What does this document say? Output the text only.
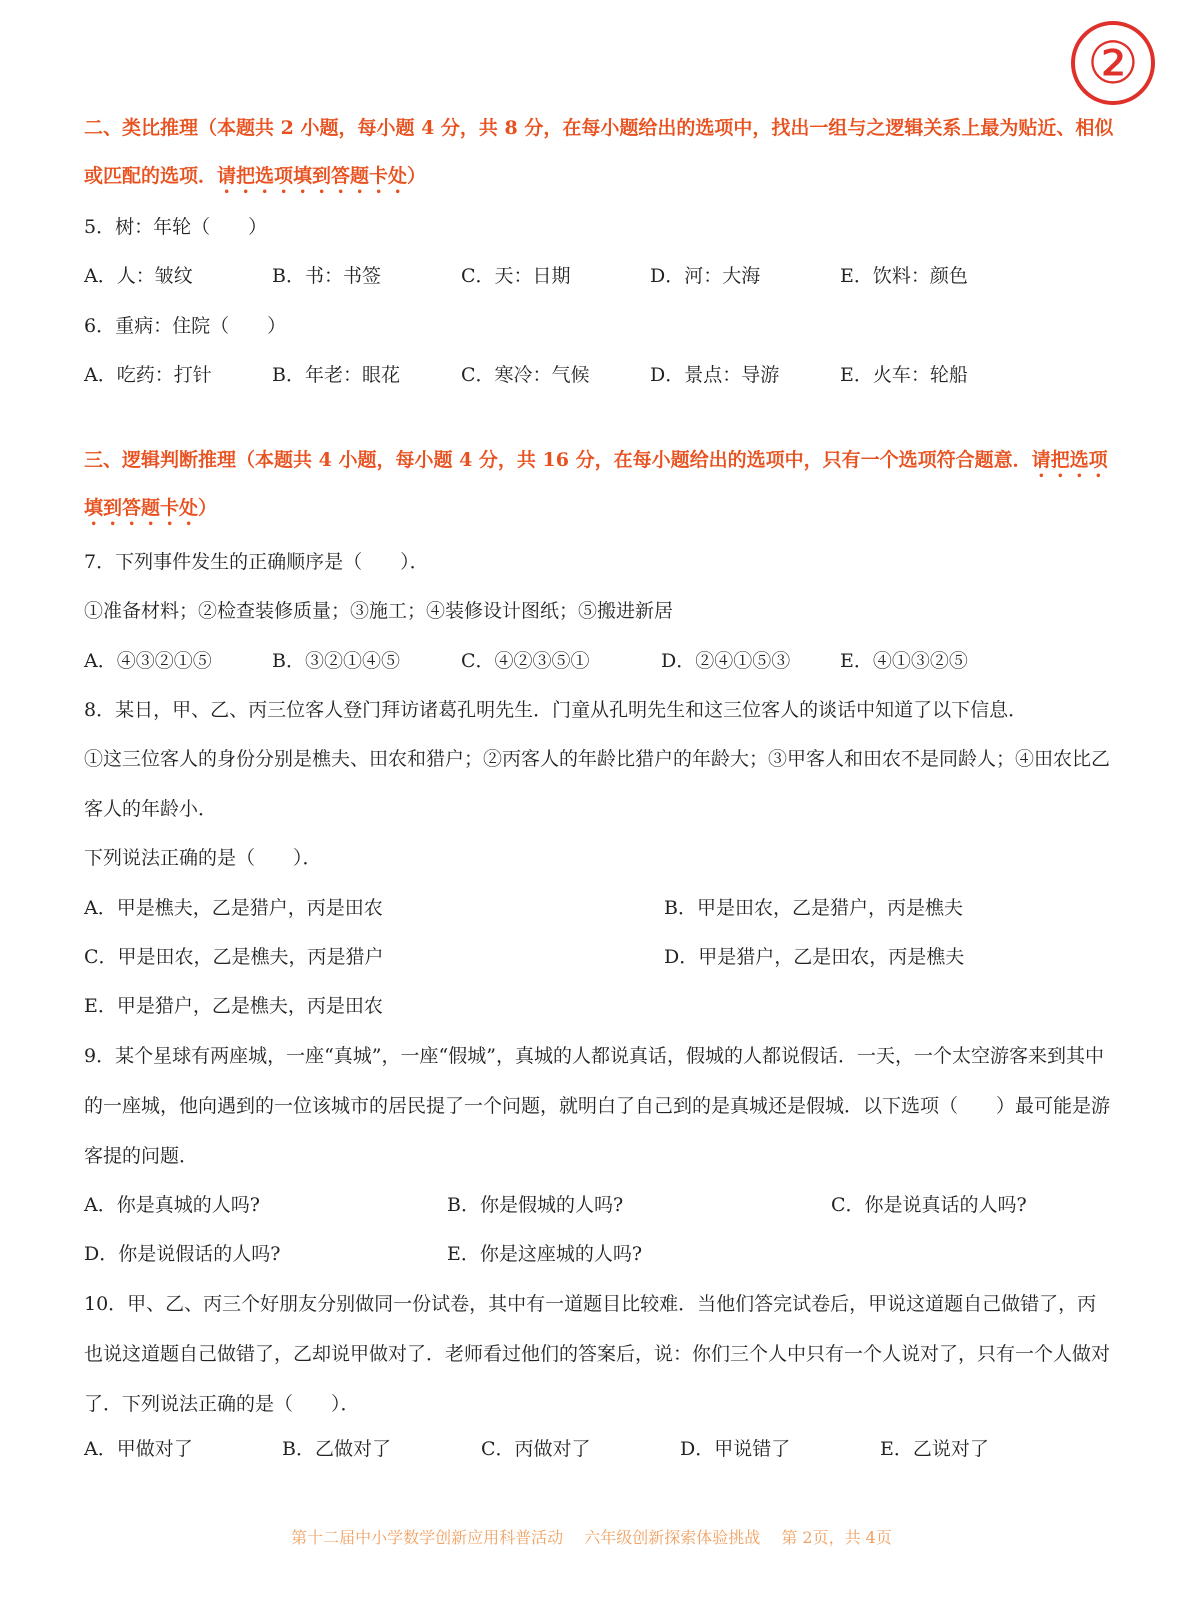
②
二、类比推理（本题共 2 小题，每小题 4 分，共 8 分，在每小题给出的选项中，找出一组与之逻辑关系上最为贴近、相似或匹配的选项．请把选项填到答题卡处）
5．树：年轮（　　）
A．人：皱纹	B．书：书签	C．天：日期	D．河：大海	E．饮料：颜色
6．重病：住院（　　）
A．吃药：打针	B．年老：眼花	C．寒冷：气候	D．景点：导游	E．火车：轮船
三、逻辑判断推理（本题共 4 小题，每小题 4 分，共 16 分，在每小题给出的选项中，只有一个选项符合题意．请把选项填到答题卡处）
7．下列事件发生的正确顺序是（　　）．
①准备材料；②检查装修质量；③施工；④装修设计图纸；⑤搬进新居
A．④③②①⑤	B．③②①④⑤	C．④②③⑤①	D．②④①⑤③	E．④①③②⑤
8．某日，甲、乙、丙三位客人登门拜访诸葛孔明先生．门童从孔明先生和这三位客人的谈话中知道了以下信息．
①这三位客人的身份分别是樵夫、田农和猎户；②丙客人的年龄比猎户的年龄大；③甲客人和田农不是同龄人；④田农比乙客人的年龄小．
下列说法正确的是（　　）．
A．甲是樵夫，乙是猎户，丙是田农	B．甲是田农，乙是猎户，丙是樵夫
C．甲是田农，乙是樵夫，丙是猎户	D．甲是猎户，乙是田农，丙是樵夫
E．甲是猎户，乙是樵夫，丙是田农
9．某个星球有两座城，一座“真城”，一座“假城”，真城的人都说真话，假城的人都说假话．一天，一个太空游客来到其中的一座城，他向遇到的一位该城市的居民提了一个问题，就明白了自己到的是真城还是假城．以下选项（　　）最可能是游客提的问题．
A．你是真城的人吗?	B．你是假城的人吗?	C．你是说真话的人吗?
D．你是说假话的人吗?	E．你是这座城的人吗?
10．甲、乙、丙三个好朋友分别做同一份试卷，其中有一道题目比较难．当他们答完试卷后，甲说这道题自己做错了，丙也说这道题自己做错了，乙却说甲做对了．老师看过他们的答案后，说：你们三个人中只有一个人说对了，只有一个人做对了．下列说法正确的是（　　）．
A．甲做对了	B．乙做对了	C．丙做对了	D．甲说错了	E．乙说对了
第十二届中小学数学创新应用科普活动 六年级创新探索体验挑战 第 2页，共 4页
